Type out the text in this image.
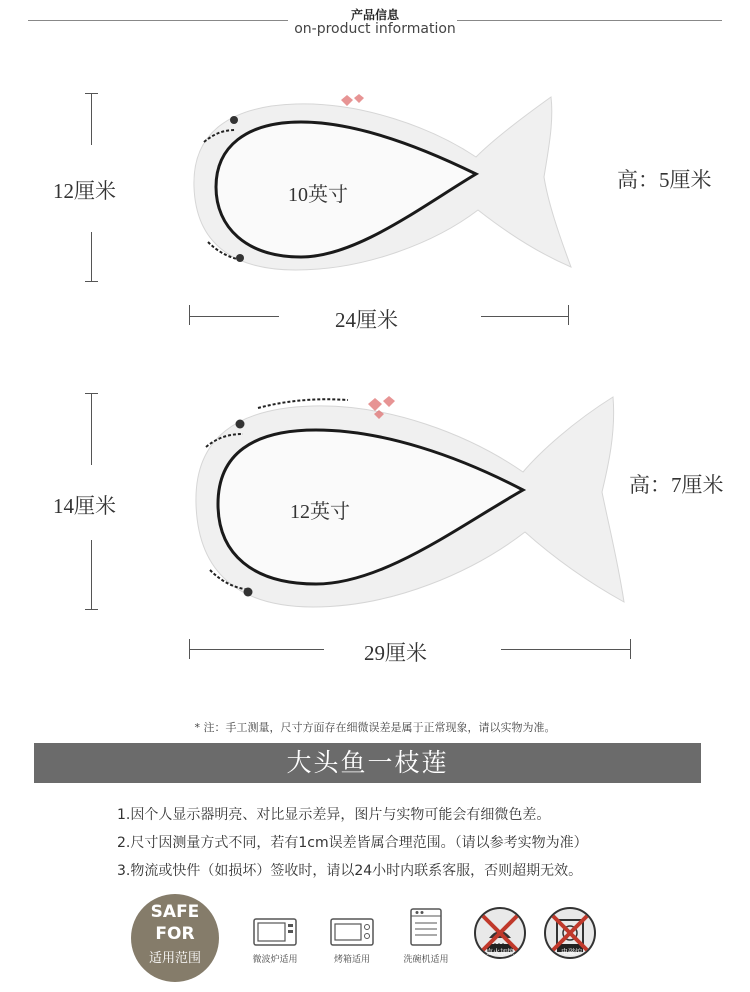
产品信息
on-product information
12厘米	10英寸
高：5厘米
24厘米
14厘米	12英寸
高：7厘米
29厘米
* 注：手工测量，尺寸方面存在细微误差是属于正常现象，请以实物为准。
大头鱼一枝莲
1.因个人显示器明亮、对比显示差异，图片与实物可能会有细微色差。
2.尺寸因测量方式不同，若有1cm误差皆属合理范围。（请以参考实物为准）
3.物流或快件（如损坏）签收时，请以24小时内联系客服，否则超期无效。
SAFE
FOR
适用范围	微波炉适用	烤箱适用	洗碗机适用
直火加热	电磁炉
